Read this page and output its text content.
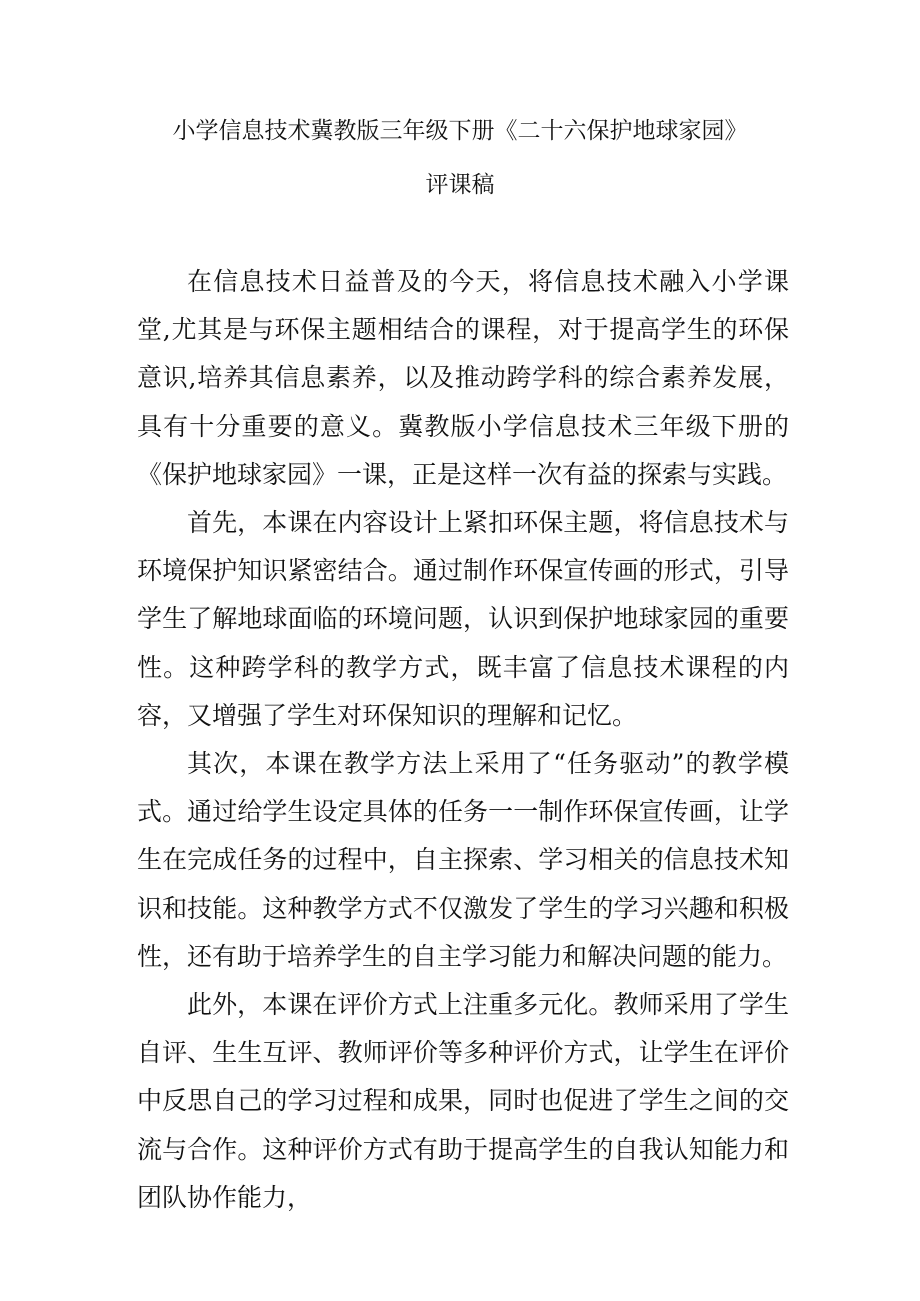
小学信息技术冀教版三年级下册《二十六保护地球家园》
评课稿

在信息技术日益普及的今天，将信息技术融入小学课堂,尤其是与环保主题相结合的课程，对于提高学生的环保意识,培养其信息素养，以及推动跨学科的综合素养发展，具有十分重要的意义。冀教版小学信息技术三年级下册的《保护地球家园》一课，正是这样一次有益的探索与实践。

首先，本课在内容设计上紧扣环保主题，将信息技术与环境保护知识紧密结合。通过制作环保宣传画的形式，引导学生了解地球面临的环境问题，认识到保护地球家园的重要性。这种跨学科的教学方式，既丰富了信息技术课程的内容，又增强了学生对环保知识的理解和记忆。

其次，本课在教学方法上采用了“任务驱动”的教学模式。通过给学生设定具体的任务一一制作环保宣传画，让学生在完成任务的过程中，自主探索、学习相关的信息技术知识和技能。这种教学方式不仅激发了学生的学习兴趣和积极性，还有助于培养学生的自主学习能力和解决问题的能力。

此外，本课在评价方式上注重多元化。教师采用了学生自评、生生互评、教师评价等多种评价方式，让学生在评价中反思自己的学习过程和成果，同时也促进了学生之间的交流与合作。这种评价方式有助于提高学生的自我认知能力和团队协作能力，
